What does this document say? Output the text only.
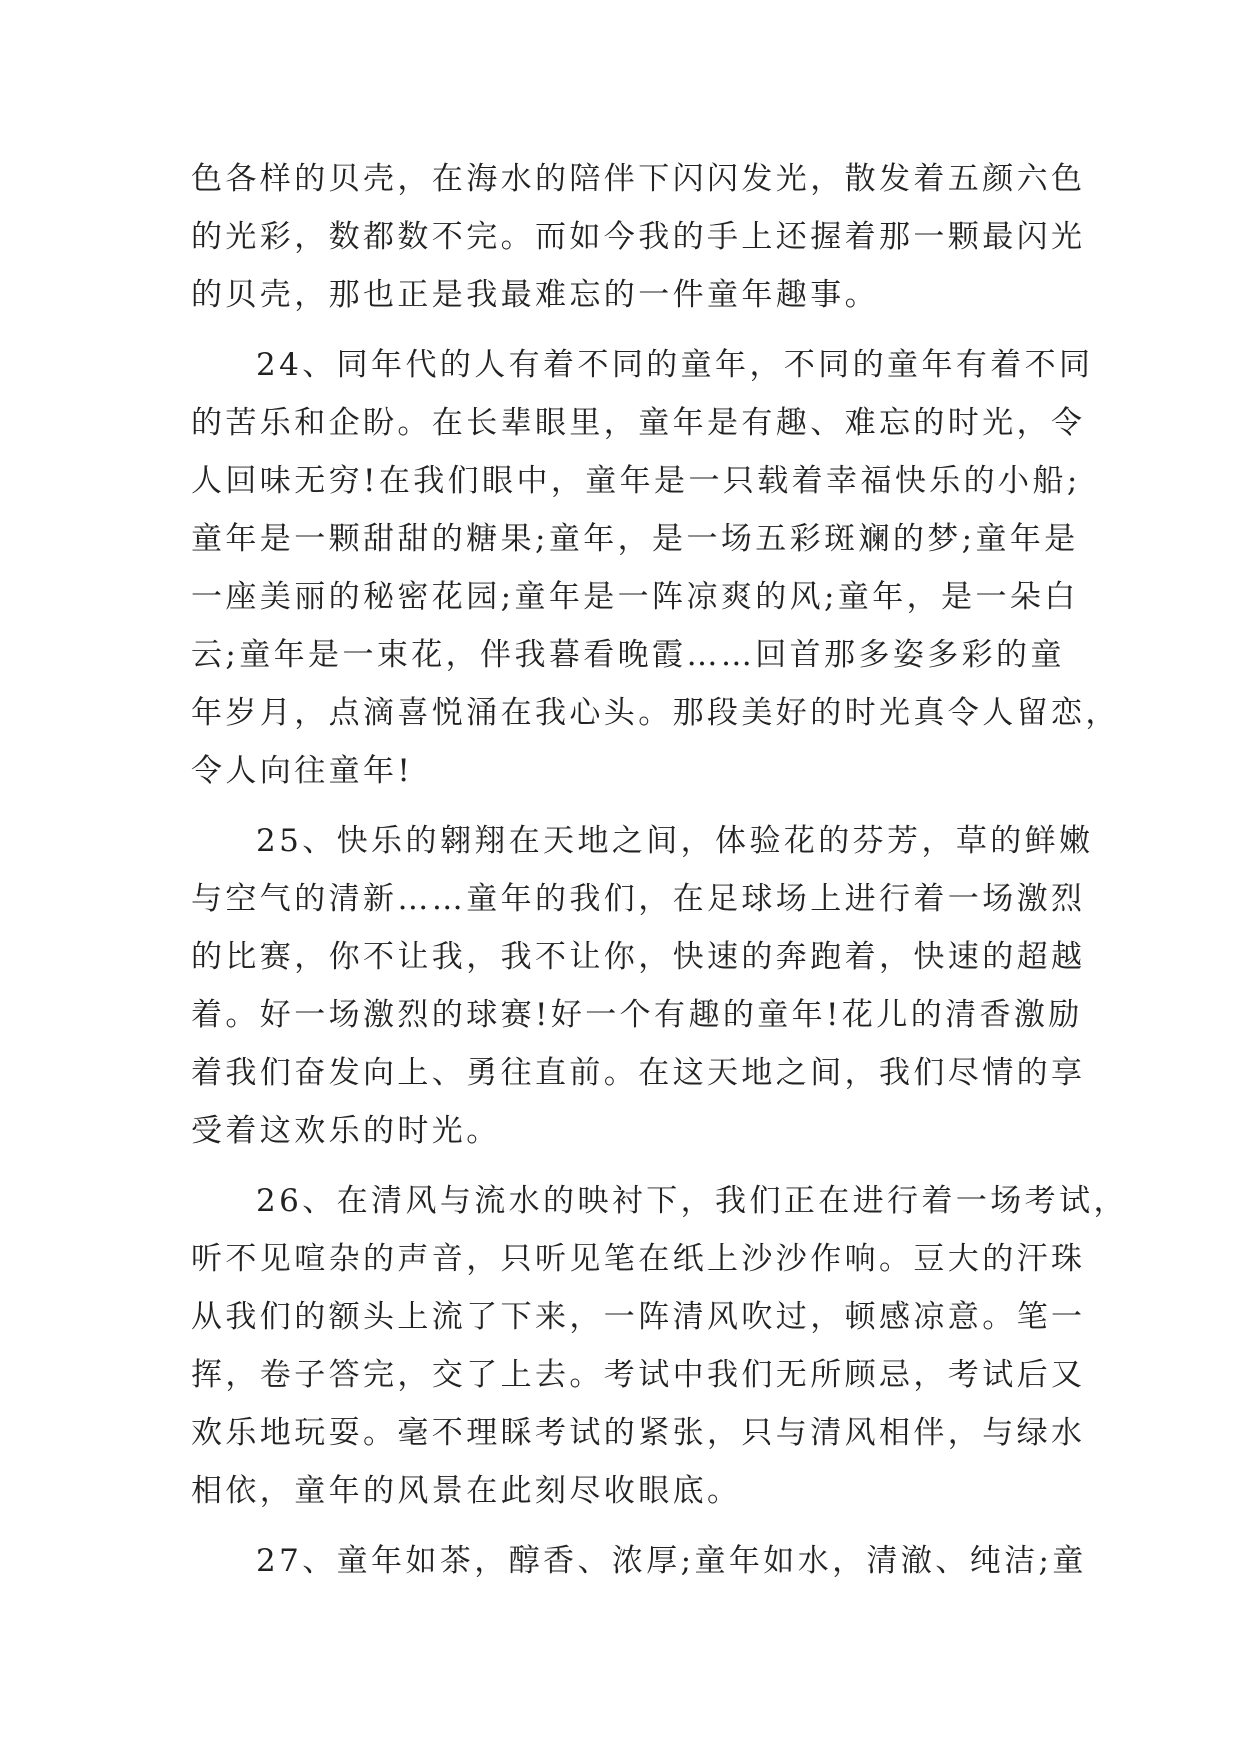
色各样的贝壳，在海水的陪伴下闪闪发光，散发着五颜六色
的光彩，数都数不完。而如今我的手上还握着那一颗最闪光
的贝壳，那也正是我最难忘的一件童年趣事。
24、同年代的人有着不同的童年，不同的童年有着不同
的苦乐和企盼。在长辈眼里，童年是有趣、难忘的时光，令
人回味无穷!在我们眼中，童年是一只载着幸福快乐的小船;
童年是一颗甜甜的糖果;童年，是一场五彩斑斓的梦;童年是
一座美丽的秘密花园;童年是一阵凉爽的风;童年，是一朵白
云;童年是一束花，伴我暮看晚霞……回首那多姿多彩的童
年岁月，点滴喜悦涌在我心头。那段美好的时光真令人留恋，
令人向往童年!
25、快乐的翱翔在天地之间，体验花的芬芳，草的鲜嫩
与空气的清新……童年的我们，在足球场上进行着一场激烈
的比赛，你不让我，我不让你，快速的奔跑着，快速的超越
着。好一场激烈的球赛!好一个有趣的童年!花儿的清香激励
着我们奋发向上、勇往直前。在这天地之间，我们尽情的享
受着这欢乐的时光。
26、在清风与流水的映衬下，我们正在进行着一场考试，
听不见喧杂的声音，只听见笔在纸上沙沙作响。豆大的汗珠
从我们的额头上流了下来，一阵清风吹过，顿感凉意。笔一
挥，卷子答完，交了上去。考试中我们无所顾忌，考试后又
欢乐地玩耍。毫不理睬考试的紧张，只与清风相伴，与绿水
相依，童年的风景在此刻尽收眼底。
27、童年如茶，醇香、浓厚;童年如水，清澈、纯洁;童
